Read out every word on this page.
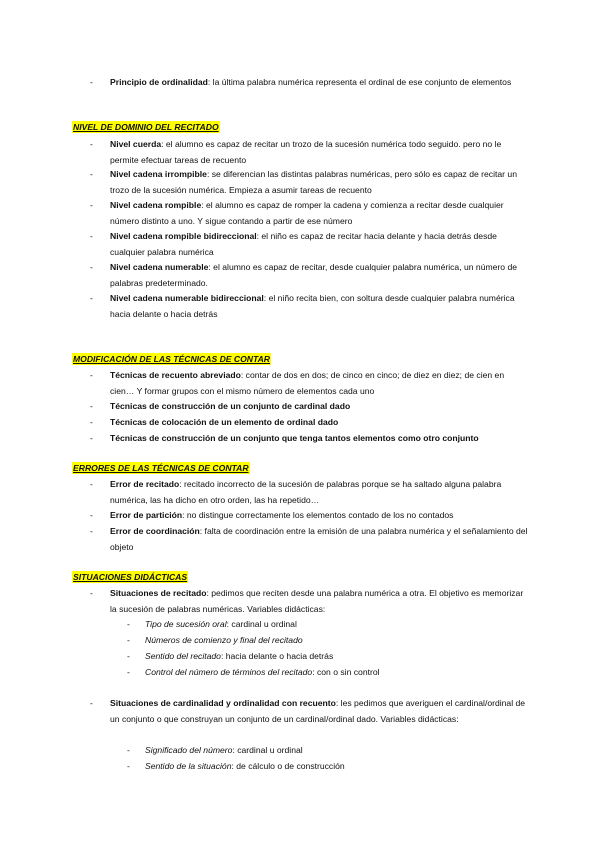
- Principio de ordinalidad: la última palabra numérica representa el ordinal de ese conjunto de elementos
NIVEL DE DOMINIO DEL RECITADO
- Nivel cuerda: el alumno es capaz de recitar un trozo de la sucesión numérica todo seguido. pero no le permite efectuar tareas de recuento
- Nivel cadena irrompible: se diferencian las distintas palabras numéricas, pero sólo es capaz de recitar un trozo de la sucesión numérica. Empieza a asumir tareas de recuento
- Nivel cadena rompible: el alumno es capaz de romper la cadena y comienza a recitar desde cualquier número distinto a uno. Y sigue contando a partir de ese número
- Nivel cadena rompible bidireccional: el niño es capaz de recitar hacia delante y hacia detrás desde cualquier palabra numérica
- Nivel cadena numerable: el alumno es capaz de recitar, desde cualquier palabra numérica, un número de palabras predeterminado.
- Nivel cadena numerable bidireccional: el niño recita bien, con soltura desde cualquier palabra numérica hacia delante o hacia detrás
MODIFICACIÓN DE LAS TÉCNICAS DE CONTAR
- Técnicas de recuento abreviado: contar de dos en dos; de cinco en cinco; de diez en diez; de cien en cien… Y formar grupos con el mismo número de elementos cada uno
- Técnicas de construcción de un conjunto de cardinal dado
- Técnicas de colocación de un elemento de ordinal dado
- Técnicas de construcción de un conjunto que tenga tantos elementos como otro conjunto
ERRORES DE LAS TÉCNICAS DE CONTAR
- Error de recitado: recitado incorrecto de la sucesión de palabras porque se ha saltado alguna palabra numérica, las ha dicho en otro orden, las ha repetido…
- Error de partición: no distingue correctamente los elementos contado de los no contados
- Error de coordinación: falta de coordinación entre la emisión de una palabra numérica y el señalamiento del objeto
SITUACIONES DIDÁCTICAS
- Situaciones de recitado: pedimos que reciten desde una palabra numérica a otra. El objetivo es memorizar la sucesión de palabras numéricas. Variables didácticas:
- Tipo de sucesión oral: cardinal u ordinal
- Números de comienzo y final del recitado
- Sentido del recitado: hacia delante o hacia detrás
- Control del número de términos del recitado: con o sin control
- Situaciones de cardinalidad y ordinalidad con recuento: les pedimos que averiguen el cardinal/ordinal de un conjunto o que construyan un conjunto de un cardinal/ordinal dado. Variables didácticas:
- Significado del número: cardinal u ordinal
- Sentido de la situación: de cálculo o de construcción
